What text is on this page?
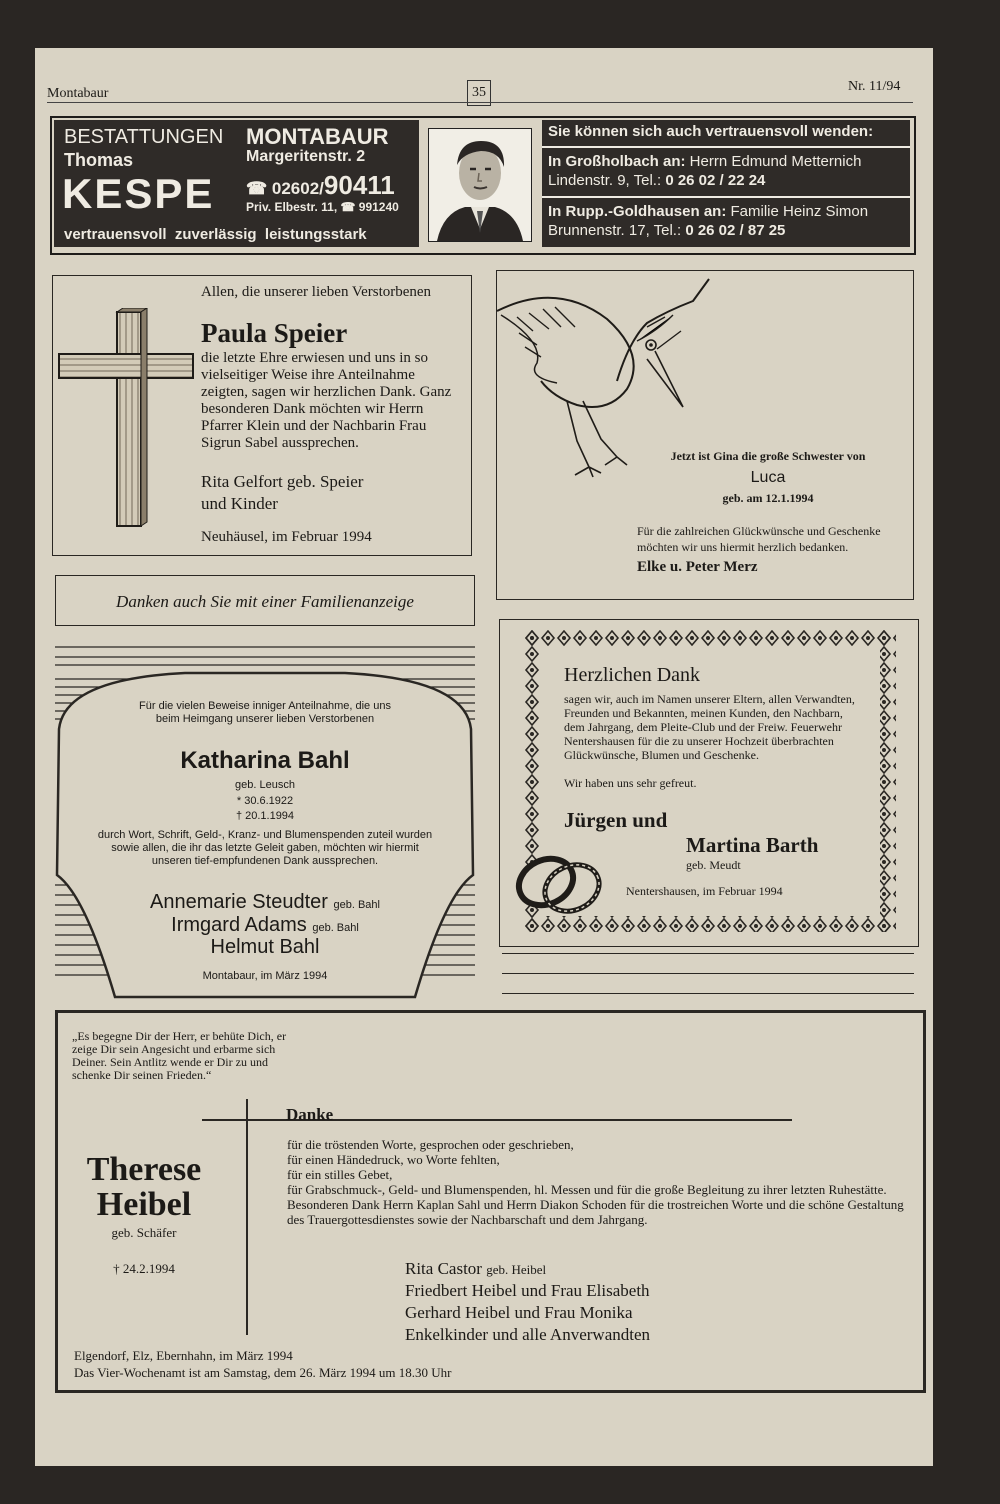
Montabaur	35	Nr. 11/94
BESTATTUNGEN
Thomas
KESPE
MONTABAUR
Margeritenstr. 2
☎ 02602/90411
Priv. Elbestr. 11, ☎ 991240
vertrauensvoll  zuverlässig  leistungsstark
Sie können sich auch vertrauensvoll wenden:
In Großholbach an: Herrn Edmund Metternich
Lindenstr. 9, Tel.: 0 26 02 / 22 24
In Rupp.-Goldhausen an: Familie Heinz Simon
Brunnenstr. 17, Tel.: 0 26 02 / 87 25
Allen, die unserer lieben Verstorbenen
Paula Speier
die letzte Ehre erwiesen und uns in so vielseitiger Weise ihre Anteilnahme zeigten, sagen wir herzlichen Dank. Ganz besonderen Dank möchten wir Herrn Pfarrer Klein und der Nachbarin Frau Sigrun Sabel aussprechen.
Rita Gelfort geb. Speier
und Kinder
Neuhäusel, im Februar 1994
Jetzt ist Gina die große Schwester von
Luca
geb. am 12.1.1994
Für die zahlreichen Glückwünsche und Geschenke möchten wir uns hiermit herzlich bedanken.
Elke u. Peter Merz
Danken auch Sie mit einer Familienanzeige
Für die vielen Beweise inniger Anteilnahme, die uns beim Heimgang unserer lieben Verstorbenen
Katharina Bahl
geb. Leusch
* 30.6.1922
† 20.1.1994
durch Wort, Schrift, Geld-, Kranz- und Blumenspenden zuteil wurden sowie allen, die ihr das letzte Geleit gaben, möchten wir hiermit unseren tief-empfundenen Dank aussprechen.
Annemarie Steudter geb. Bahl
Irmgard Adams geb. Bahl
Helmut Bahl
Montabaur, im März 1994
Herzlichen Dank
sagen wir, auch im Namen unserer Eltern, allen Verwandten, Freunden und Bekannten, meinen Kunden, den Nachbarn, dem Jahrgang, dem Pleite-Club und der Freiw. Feuerwehr Nentershausen für die zu unserer Hochzeit überbrachten Glückwünsche, Blumen und Geschenke.
Wir haben uns sehr gefreut.
Jürgen und
Martina Barth
geb. Meudt
Nentershausen, im Februar 1994
„Es begegne Dir der Herr, er behüte Dich, er zeige Dir sein Angesicht und erbarme sich Deiner. Sein Antlitz wende er Dir zu und schenke Dir seinen Frieden.“
Danke
Therese
Heibel
geb. Schäfer
† 24.2.1994
für die tröstenden Worte, gesprochen oder geschrieben,
für einen Händedruck, wo Worte fehlten,
für ein stilles Gebet,
für Grabschmuck-, Geld- und Blumenspenden, hl. Messen und für die große Begleitung zu ihrer letzten Ruhestätte.
Besonderen Dank Herrn Kaplan Sahl und Herrn Diakon Schoden für die trostreichen Worte und die schöne Gestaltung des Trauergottesdienstes sowie der Nachbarschaft und dem Jahrgang.
Rita Castor geb. Heibel
Friedbert Heibel und Frau Elisabeth
Gerhard Heibel und Frau Monika
Enkelkinder und alle Anverwandten
Elgendorf, Elz, Ebernhahn, im März 1994
Das Vier-Wochenamt ist am Samstag, dem 26. März 1994 um 18.30 Uhr
